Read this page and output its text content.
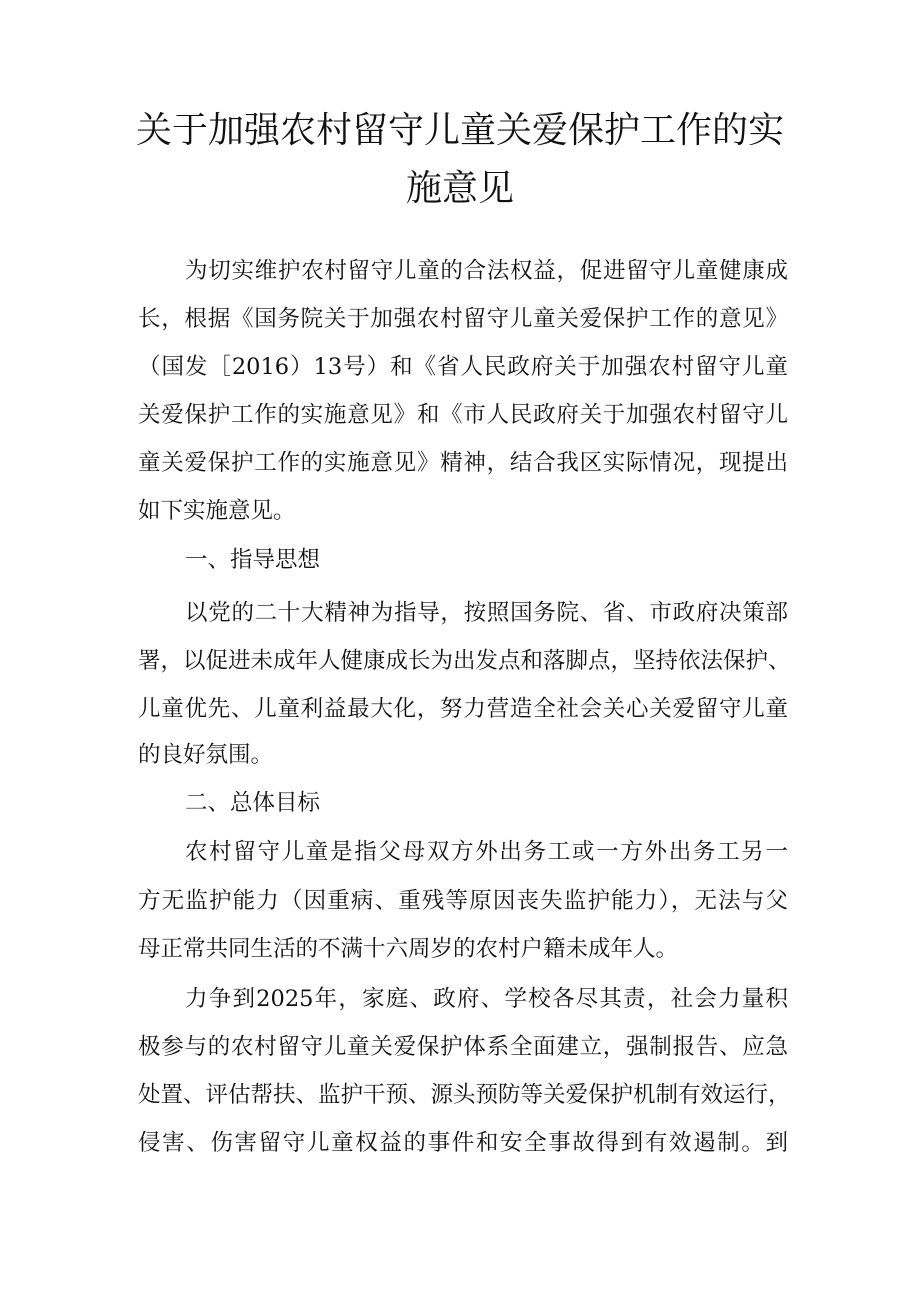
关于加强农村留守儿童关爱保护工作的实
施意见
为切实维护农村留守儿童的合法权益，促进留守儿童健康成
长，根据《国务院关于加强农村留守儿童关爱保护工作的意见》
（国发［2016）13号）和《省人民政府关于加强农村留守儿童
关爱保护工作的实施意见》和《市人民政府关于加强农村留守儿
童关爱保护工作的实施意见》精神，结合我区实际情况，现提出
如下实施意见。
一、指导思想
以党的二十大精神为指导，按照国务院、省、市政府决策部
署，以促进未成年人健康成长为出发点和落脚点，坚持依法保护、
儿童优先、儿童利益最大化，努力营造全社会关心关爱留守儿童
的良好氛围。
二、总体目标
农村留守儿童是指父母双方外出务工或一方外出务工另一
方无监护能力（因重病、重残等原因丧失监护能力），无法与父
母正常共同生活的不满十六周岁的农村户籍未成年人。
力争到2025年，家庭、政府、学校各尽其责，社会力量积
极参与的农村留守儿童关爱保护体系全面建立，强制报告、应急
处置、评估帮扶、监护干预、源头预防等关爱保护机制有效运行，
侵害、伤害留守儿童权益的事件和安全事故得到有效遏制。到
